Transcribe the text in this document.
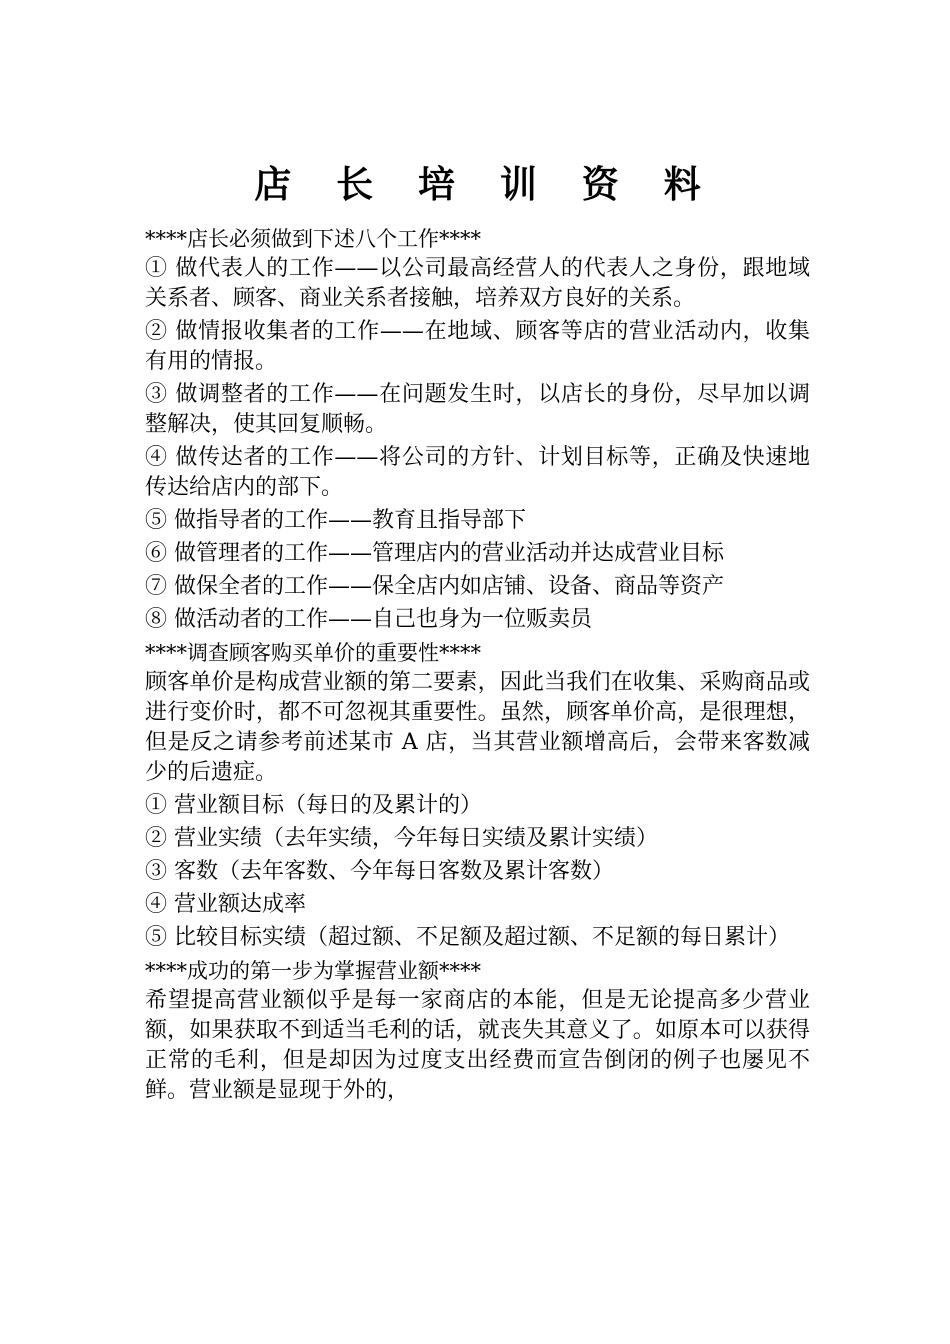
店 长 培 训 资 料

****店长必须做到下述八个工作****

① 做代表人的工作——以公司最高经营人的代表人之身份，跟地域关系者、顾客、商业关系者接触，培养双方良好的关系。

② 做情报收集者的工作——在地域、顾客等店的营业活动内，收集有用的情报。

③ 做调整者的工作——在问题发生时，以店长的身份，尽早加以调整解决，使其回复顺畅。

④ 做传达者的工作——将公司的方针、计划目标等，正确及快速地传达给店内的部下。

⑤ 做指导者的工作——教育且指导部下

⑥ 做管理者的工作——管理店内的营业活动并达成营业目标

⑦ 做保全者的工作——保全店内如店铺、设备、商品等资产

⑧ 做活动者的工作——自己也身为一位贩卖员

****调查顾客购买单价的重要性****

顾客单价是构成营业额的第二要素，因此当我们在收集、采购商品或进行变价时，都不可忽视其重要性。虽然，顾客单价高，是很理想，但是反之请参考前述某市 A 店，当其营业额增高后，会带来客数减少的后遗症。

① 营业额目标（每日的及累计的）

② 营业实绩（去年实绩，今年每日实绩及累计实绩）

③ 客数（去年客数、今年每日客数及累计客数）

④ 营业额达成率

⑤ 比较目标实绩（超过额、不足额及超过额、不足额的每日累计）

****成功的第一步为掌握营业额****

希望提高营业额似乎是每一家商店的本能，但是无论提高多少营业额，如果获取不到适当毛利的话，就丧失其意义了。如原本可以获得正常的毛利，但是却因为过度支出经费而宣告倒闭的例子也屡见不鲜。营业额是显现于外的，
